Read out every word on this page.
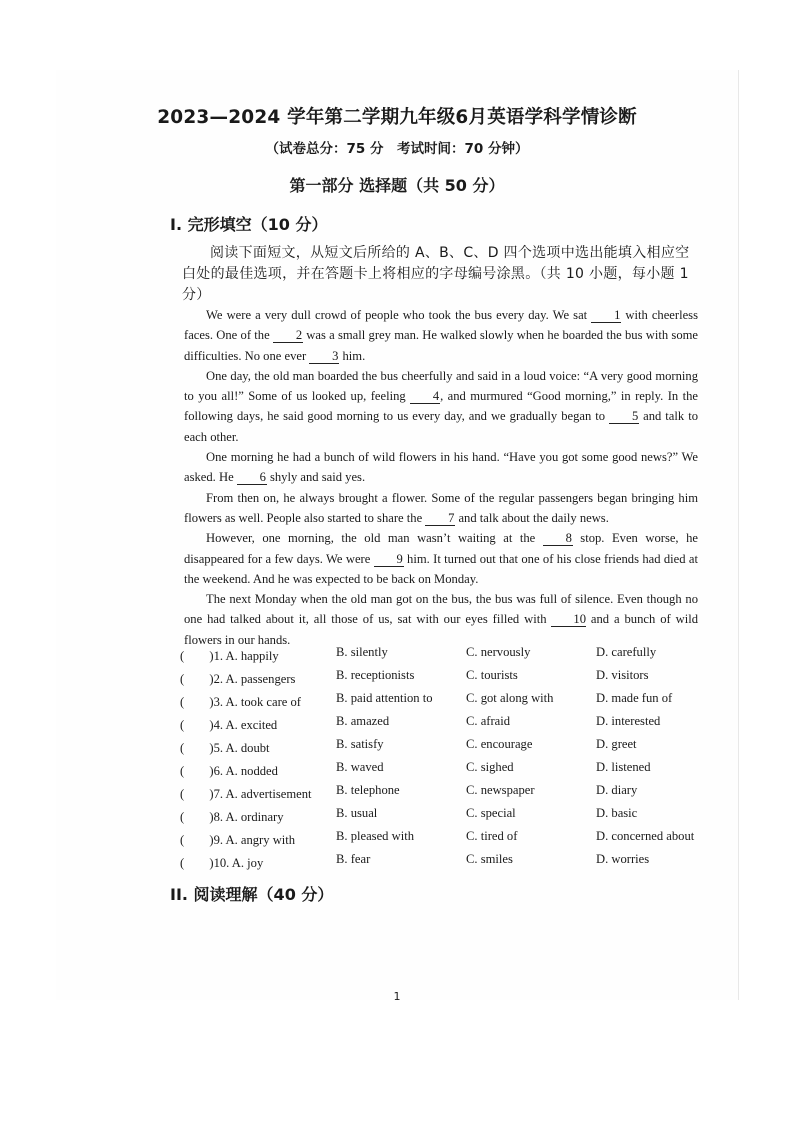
2023—2024 学年第二学期九年级6月英语学科学情诊断
（试卷总分：75 分　考试时间：70 分钟）
第一部分 选择题（共 50 分）
I. 完形填空（10 分）
阅读下面短文，从短文后所给的 A、B、C、D 四个选项中选出能填入相应空白处的最佳选项，并在答题卡上将相应的字母编号涂黑。（共 10 小题，每小题 1 分）

We were a very dull crowd of people who took the bus every day. We sat 1 with cheerless faces. One of the 2 was a small grey man. He walked slowly when he boarded the bus with some difficulties. No one ever 3 him.

One day, the old man boarded the bus cheerfully and said in a loud voice: “A very good morning to you all!” Some of us looked up, feeling 4, and murmured “Good morning,” in reply. In the following days, he said good morning to us every day, and we gradually began to 5 and talk to each other.

One morning he had a bunch of wild flowers in his hand. “Have you got some good news?” We asked. He 6 shyly and said yes.

From then on, he always brought a flower. Some of the regular passengers began bringing him flowers as well. People also started to share the 7 and talk about the daily news.

However, one morning, the old man wasn’t waiting at the 8 stop. Even worse, he disappeared for a few days. We were 9 him. It turned out that one of his close friends had died at the weekend. And he was expected to be back on Monday.

The next Monday when the old man got on the bus, the bus was full of silence. Even though no one had talked about it, all those of us, sat with our eyes filled with 10 and a bunch of wild flowers in our hands.

(　　)1. A. happily	B. silently	C. nervously	D. carefully
(　　)2. A. passengers	B. receptionists	C. tourists	D. visitors
(　　)3. A. took care of	B. paid attention to	C. got along with	D. made fun of
(　　)4. A. excited	B. amazed	C. afraid	D. interested
(　　)5. A. doubt	B. satisfy	C. encourage	D. greet
(　　)6. A. nodded	B. waved	C. sighed	D. listened
(　　)7. A. advertisement B. telephone	C. newspaper	D. diary
(　　)8. A. ordinary	B. usual	C. special	D. basic
(　　)9. A. angry with	B. pleased with	C. tired of	D. concerned about
(　　)10. A. joy	B. fear	C. smiles	D. worries
II. 阅读理解（40 分）
1
